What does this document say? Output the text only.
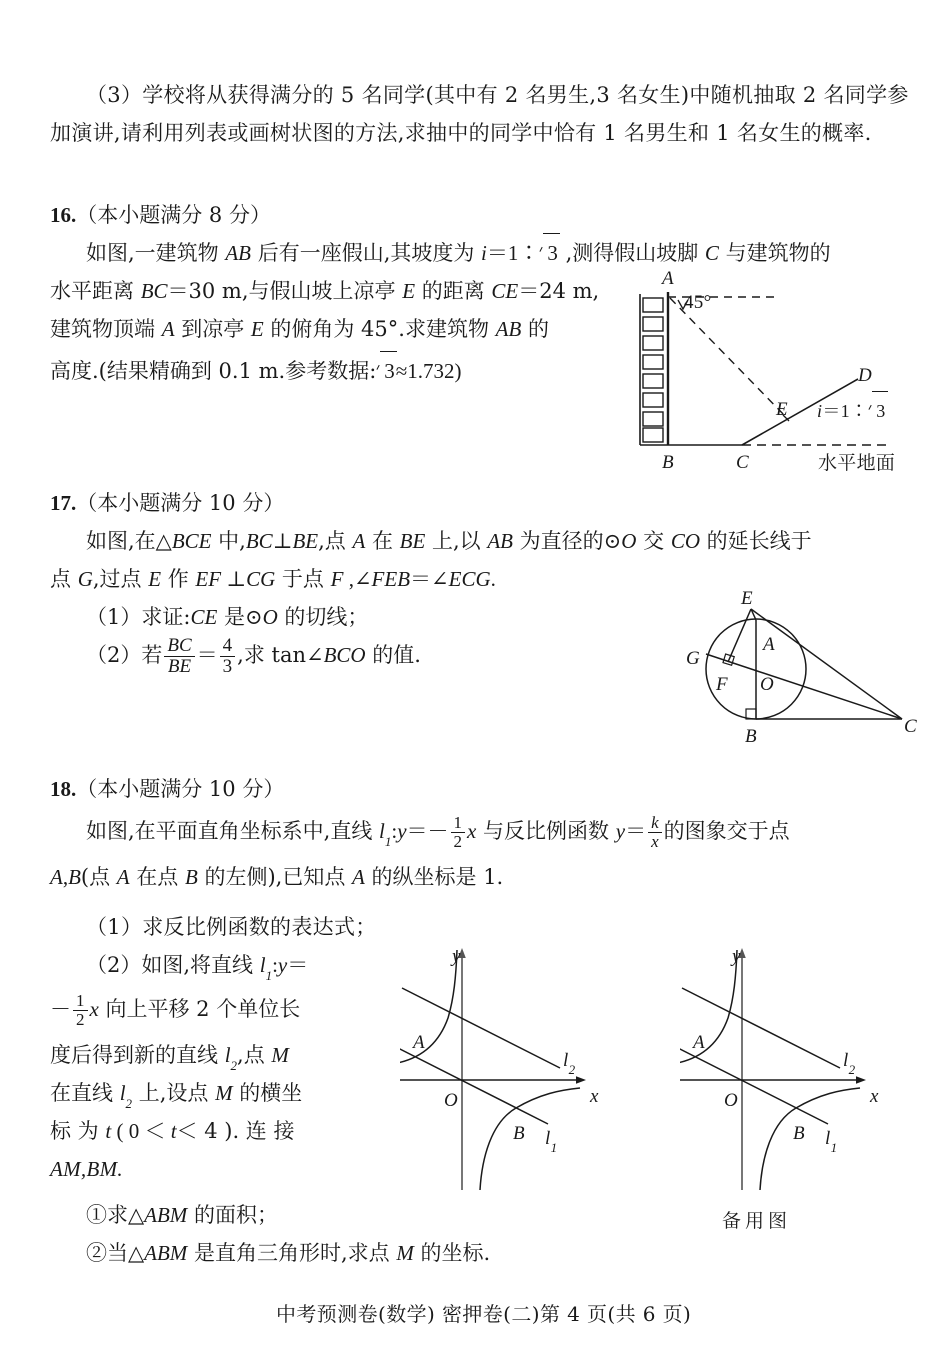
（3）学校将从获得满分的 5 名同学(其中有 2 名男生,3 名女生)中随机抽取 2 名同学参
加演讲,请利用列表或画树状图的方法,求抽中的同学中恰有 1 名男生和 1 名女生的概率.
16.（本小题满分 8 分）
如图,一建筑物 AB 后有一座假山,其坡度为 i＝1∶ 3 ,测得假山坡脚 C 与建筑物的
水平距离 BC＝30 m,与假山坡上凉亭 E 的距离 CE＝24 m,
建筑物顶端 A 到凉亭 E 的俯角为 45°.求建筑物 AB 的
高度.(结果精确到 0.1 m.参考数据: 3≈1.732)
A
B	C
D
E
45°
i＝1∶ 3
水平地面
17.（本小题满分 10 分）
如图,在△BCE 中,BC⊥BE,点 A 在 BE 上,以 AB 为直径的⊙O 交 CO 的延长线于
点 G,过点 E 作 EF ⊥CG 于点 F ,∠FEB＝∠ECG.
（1）求证:CE 是⊙O 的切线；
（2）若 $\frac{BC}{BE} = \frac{4}{3}$ ,求 tan∠BCO 的值.
E
A
G
F O
B	C
18.（本小题满分 10 分）
如图,在平面直角坐标系中,直线 $l_1:y=- \frac{1}{2}$ x 与反比例函数 $y= \frac{k}{x}$ 的图象交于点
A,B(点 A 在点 B 的左侧),已知点 A 的纵坐标是 1.
（1）求反比例函数的表达式；
（2）如图,将直线 $l_1:y=$
－ $\frac{1}{2}$ x 向上平移 2 个单位长
度后得到新的直线 $l_2$,点 M
在直线 $l_2$ 上,设点 M 的横坐
标 为 t ( 0 ＜ t＜ 4 ). 连 接
AM,BM.
①求△ABM 的面积；
②当△ABM 是直角三角形时,求点 M 的坐标.
y
x
O
A
B $l_1$
$l_2$
y
x
O
A
B $l_1$
$l_2$
备用图
中考预测卷(数学) 密押卷(二)第 4 页(共 6 页)
